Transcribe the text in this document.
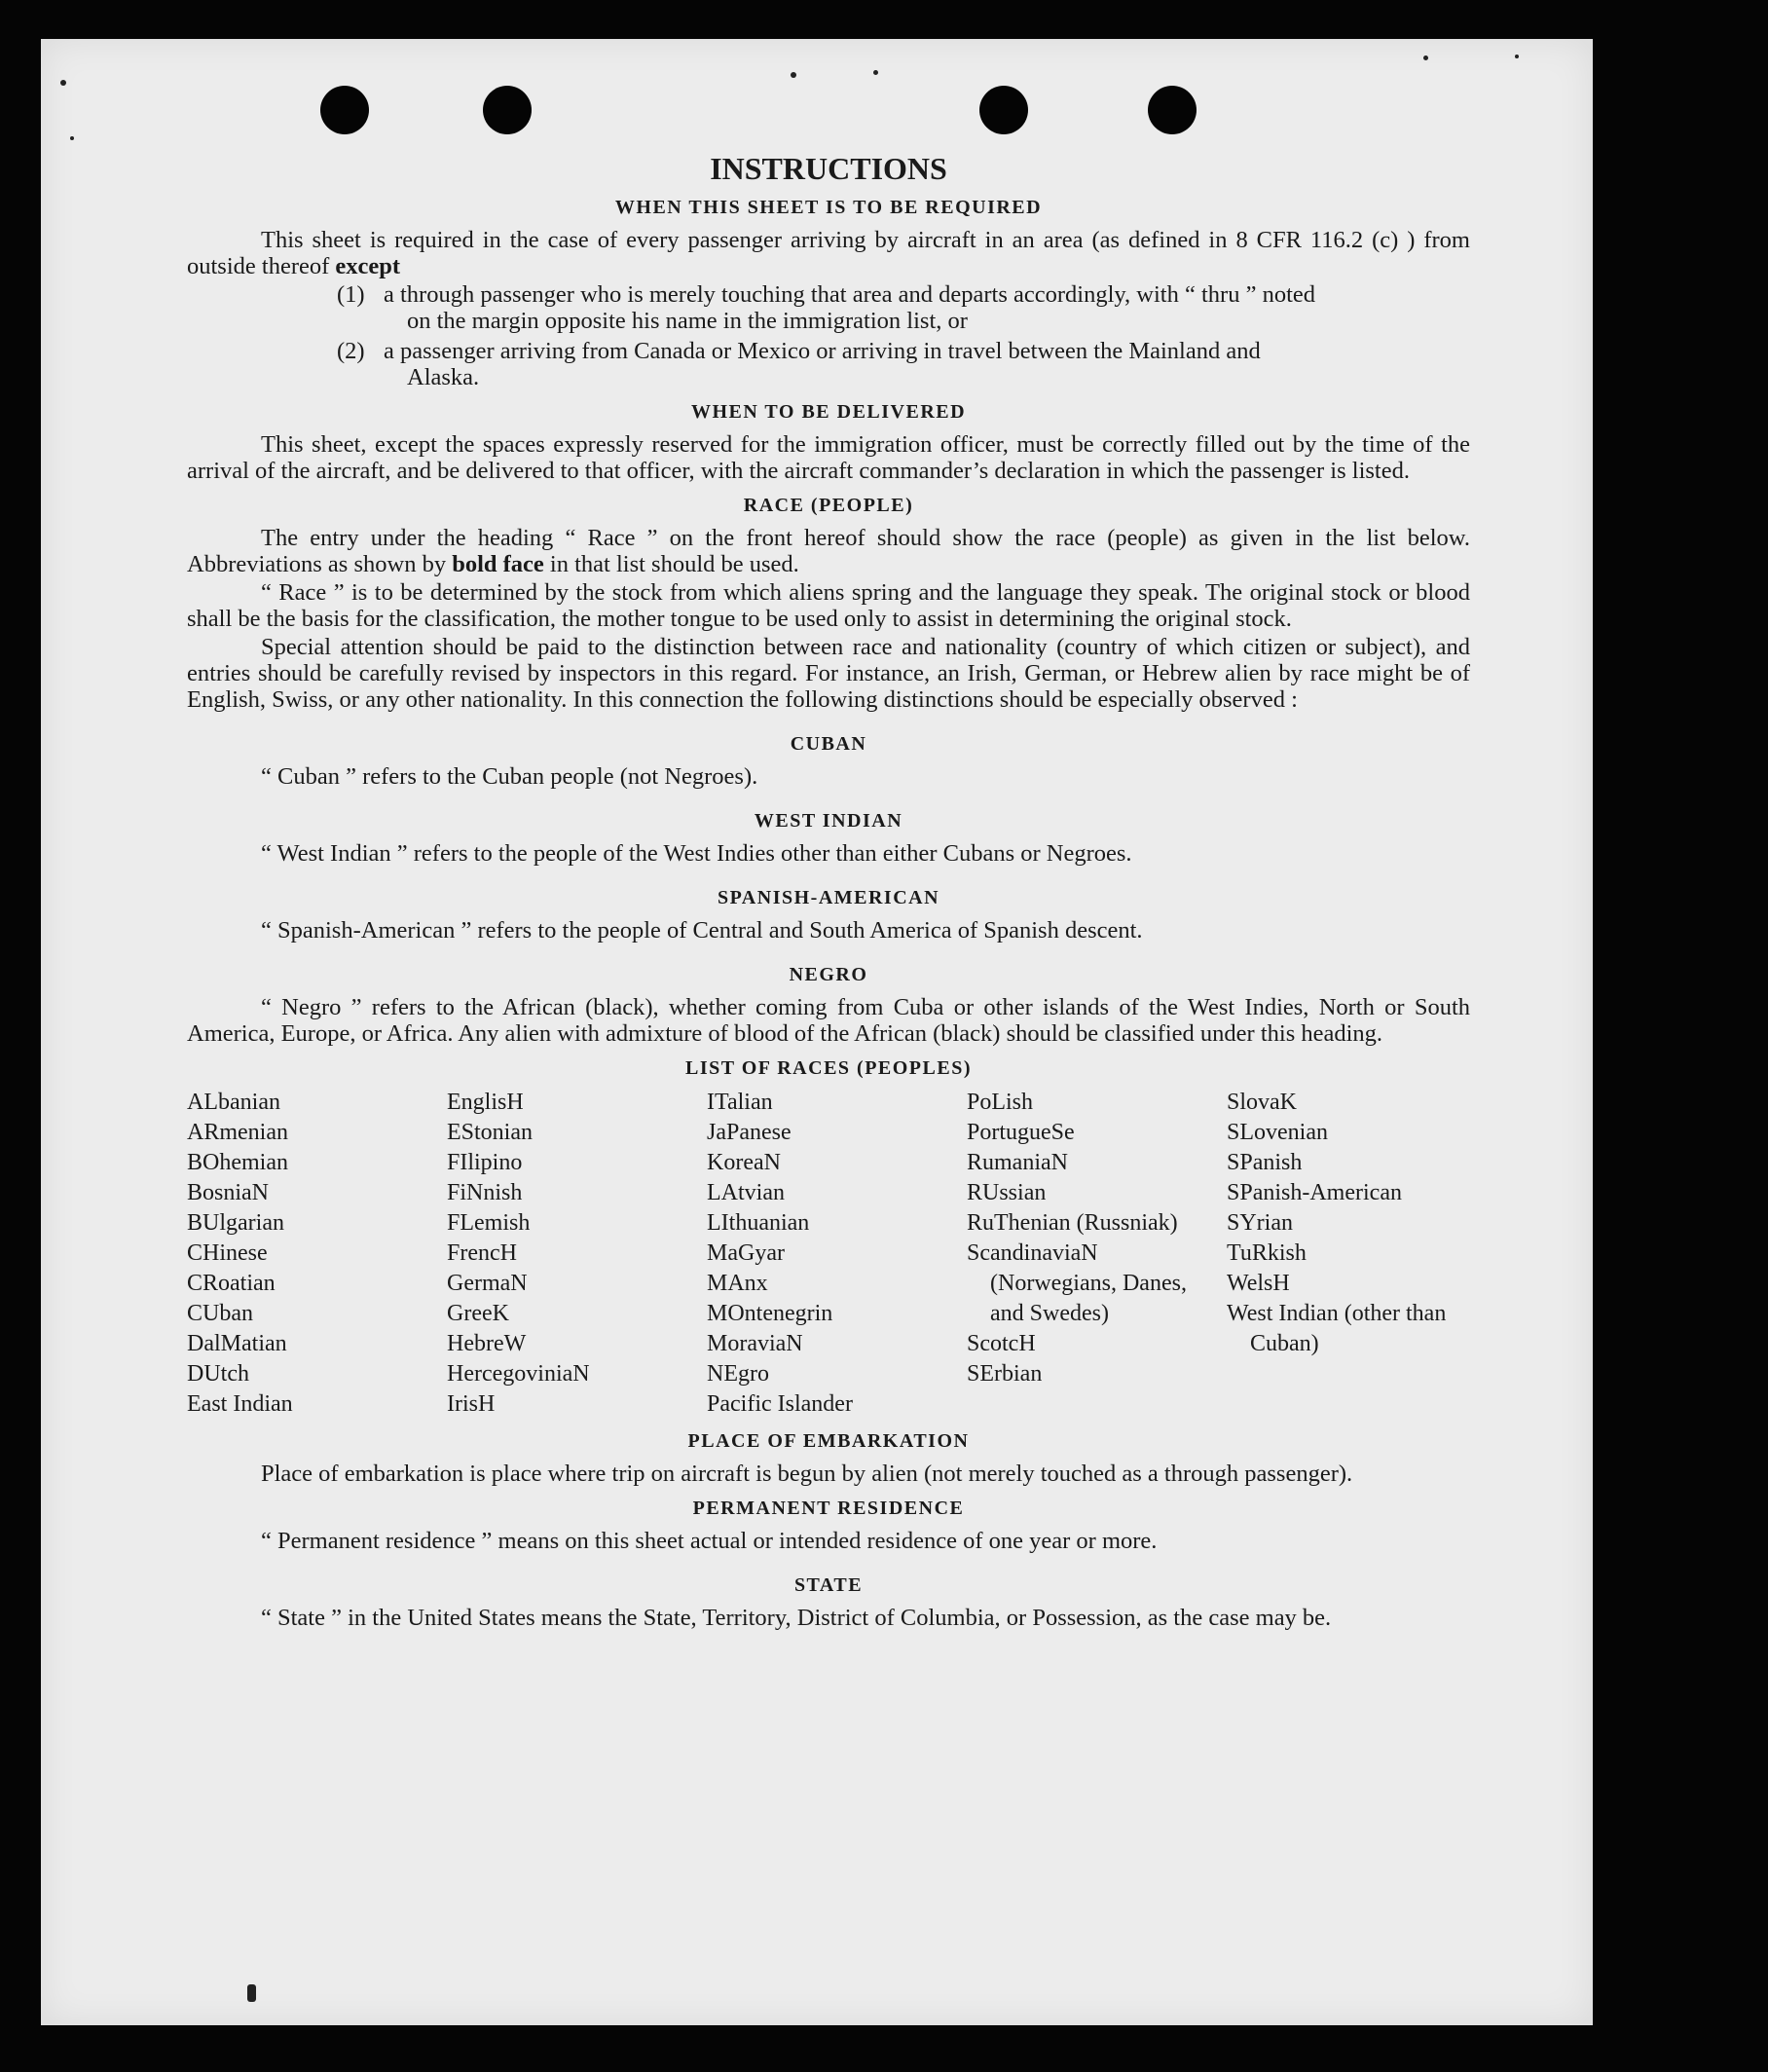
INSTRUCTIONS
WHEN THIS SHEET IS TO BE REQUIRED

This sheet is required in the case of every passenger arriving by aircraft in an area (as defined in 8 CFR 116.2 (c) ) from outside thereof except

(1) a through passenger who is merely touching that area and departs accordingly, with “ thru ” noted
on the margin opposite his name in the immigration list, or
(2) a passenger arriving from Canada or Mexico or arriving in travel between the Mainland and
Alaska.
WHEN TO BE DELIVERED

This sheet, except the spaces expressly reserved for the immigration officer, must be correctly filled out by the time of the arrival of the aircraft, and be delivered to that officer, with the aircraft commander’s declaration in which the passenger is listed.

RACE (PEOPLE)

The entry under the heading “ Race ” on the front hereof should show the race (people) as given in the list below. Abbreviations as shown by bold face in that list should be used.

“ Race ” is to be determined by the stock from which aliens spring and the language they speak. The original stock or blood shall be the basis for the classification, the mother tongue to be used only to assist in determining the original stock.

Special attention should be paid to the distinction between race and nationality (country of which citizen or subject), and entries should be carefully revised by inspectors in this regard. For instance, an Irish, German, or Hebrew alien by race might be of English, Swiss, or any other nationality. In this connection the following distinctions should be especially observed :

CUBAN

“ Cuban ” refers to the Cuban people (not Negroes).

WEST INDIAN

“ West Indian ” refers to the people of the West Indies other than either Cubans or Negroes.

SPANISH-AMERICAN

“ Spanish-American ” refers to the people of Central and South America of Spanish descent.

NEGRO

“ Negro ” refers to the African (black), whether coming from Cuba or other islands of the West Indies, North or South America, Europe, or Africa. Any alien with admixture of blood of the African (black) should be classified under this heading.

LIST OF RACES (PEOPLES)
ALbanian
ARmenian
BOhemian
BosniaN
BUlgarian
CHinese
CRoatian
CUban
DalMatian
DUtch
East Indian
EnglisH
EStonian
FIlipino
FiNnish
FLemish
FrencH
GermaN
GreeK
HebreW
HercegoviniaN
IrisH
ITalian
JaPanese
KoreaN
LAtvian
LIthuanian
MaGyar
MAnx
MOntenegrin
MoraviaN
NEgro
Pacific Islander
PoLish
PortugueSe
RumaniaN
RUssian
RuThenian (Russniak)
ScandinaviaN (Norwegians, Danes, and Swedes)
ScotcH
SErbian
SlovaK
SLovenian
SPanish
SPanish-American
SYrian
TuRkish
WelsH
West Indian (other than Cuban)
PLACE OF EMBARKATION

Place of embarkation is place where trip on aircraft is begun by alien (not merely touched as a through passenger).

PERMANENT RESIDENCE

“ Permanent residence ” means on this sheet actual or intended residence of one year or more.

STATE

“ State ” in the United States means the State, Territory, District of Columbia, or Possession, as the case may be.
